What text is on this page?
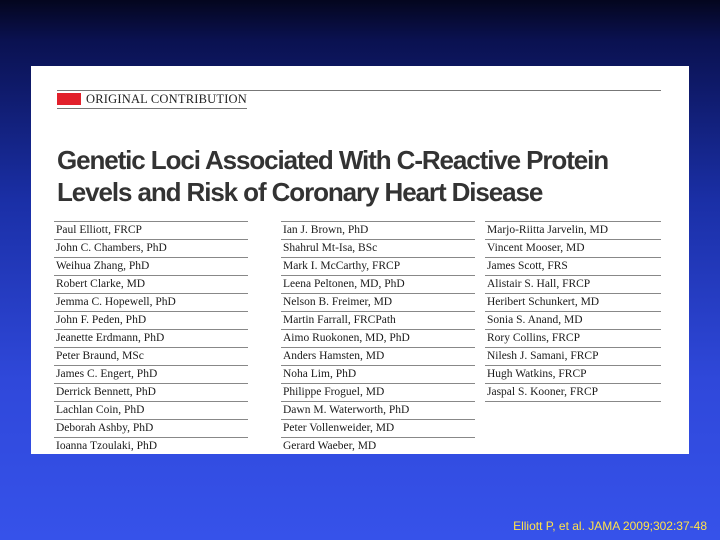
ORIGINAL CONTRIBUTION
Genetic Loci Associated With C-Reactive Protein
Levels and Risk of Coronary Heart Disease
Paul Elliott, FRCP
John C. Chambers, PhD
Weihua Zhang, PhD
Robert Clarke, MD
Jemma C. Hopewell, PhD
John F. Peden, PhD
Jeanette Erdmann, PhD
Peter Braund, MSc
James C. Engert, PhD
Derrick Bennett, PhD
Lachlan Coin, PhD
Deborah Ashby, PhD
Ioanna Tzoulaki, PhD
Ian J. Brown, PhD
Shahrul Mt-Isa, BSc
Mark I. McCarthy, FRCP
Leena Peltonen, MD, PhD
Nelson B. Freimer, MD
Martin Farrall, FRCPath
Aimo Ruokonen, MD, PhD
Anders Hamsten, MD
Noha Lim, PhD
Philippe Froguel, MD
Dawn M. Waterworth, PhD
Peter Vollenweider, MD
Gerard Waeber, MD
Marjo-Riitta Jarvelin, MD
Vincent Mooser, MD
James Scott, FRS
Alistair S. Hall, FRCP
Heribert Schunkert, MD
Sonia S. Anand, MD
Rory Collins, FRCP
Nilesh J. Samani, FRCP
Hugh Watkins, FRCP
Jaspal S. Kooner, FRCP
Elliott P, et al. JAMA 2009;302:37-48
